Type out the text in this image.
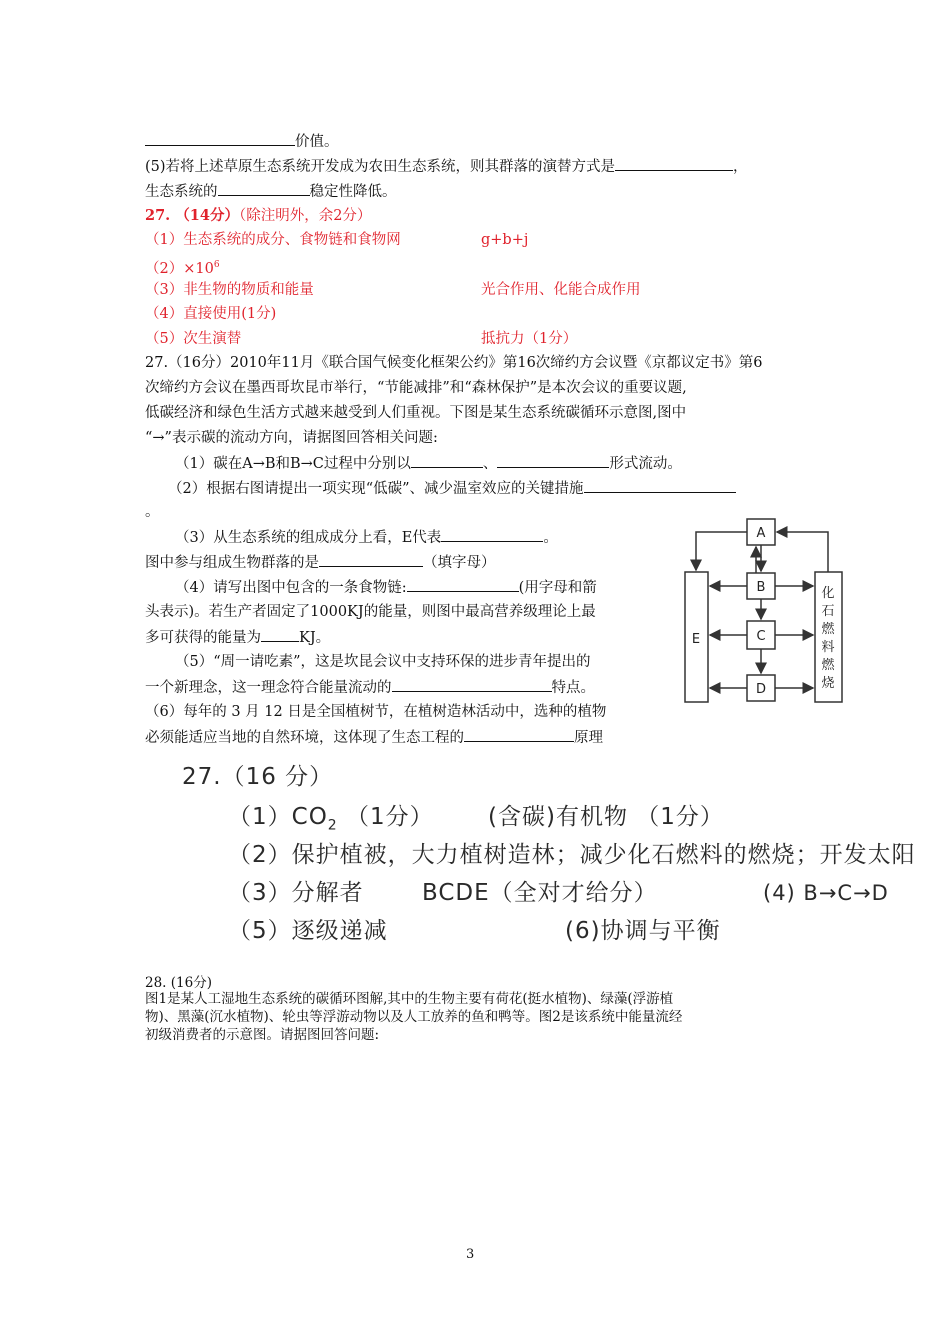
价值。
(5)若将上述草原生态系统开发成为农田生态系统，则其群落的演替方式是	，
生态系统的	稳定性降低。
27. （14分）（除注明外，余2分）
（1）生态系统的成分、食物链和食物网	g+b+j
$(2)\times 10^6$
（3）非生物的物质和能量	光合作用、化能合成作用
（4）直接使用(1分)
（5）次生演替	抵抗力（1分）
27.（16分）2010年11月《联合国气候变化框架公约》第16次缔约方会议暨《京都议定书》第6
次缔约方会议在墨西哥坎昆市举行，“节能减排”和“森林保护”是本次会议的重要议题,
低碳经济和绿色生活方式越来越受到人们重视。下图是某生态系统碳循环示意图,图中
“→”表示碳的流动方向，请据图回答相关问题:
（1）碳在A→B和B→C过程中分别以	、	形式流动。
（2）根据右图请提出一项实现“低碳”、减少温室效应的关键措施
。
（3）从生态系统的组成成分上看，E代表	。
图中参与组成生物群落的是	（填字母）
（4）请写出图中包含的一条食物链:	(用字母和箭
头表示)。若生产者固定了1000KJ的能量，则图中最高营养级理论上最
多可获得的能量为	KJ。
（5）“周一请吃素”，这是坎昆会议中支持环保的进步青年提出的
一个新理念，这一理念符合能量流动的	特点。
（6）每年的 3 月 12 日是全国植树节，在植树造林活动中，选种的植物
必须能适应当地的自然环境，这体现了生态工程的	原理
A
B
C
D
E
化
石
燃
料
燃
烧
27.（16 分）
$(1)CO_2$ （1分） (含碳)有机物 （1分）
（2）保护植被，大力植树造林；减少化石燃料的燃烧；开发太阳
（3）分解者	BCDE（全对才给分）	(4) B→C→D
（5）逐级递减	(6)协调与平衡
28. (16分)
图1是某人工湿地生态系统的碳循环图解,其中的生物主要有荷花(挺水植物)、绿藻(浮游植
物)、黑藻(沉水植物)、轮虫等浮游动物以及人工放养的鱼和鸭等。图2是该系统中能量流经
初级消费者的示意图。请据图回答问题:
3
